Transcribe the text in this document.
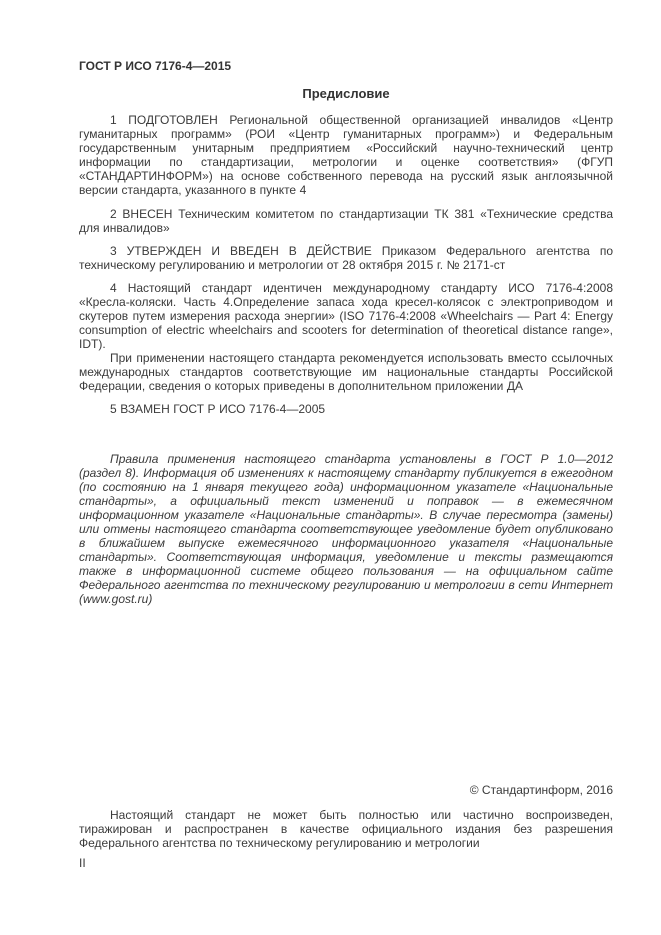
ГОСТ Р ИСО 7176-4—2015
Предисловие

1 ПОДГОТОВЛЕН Региональной общественной организацией инвалидов «Центр гуманитарных программ» (РОИ «Центр гуманитарных программ») и Федеральным государственным унитарным предприятием «Российский научно-технический центр информации по стандартизации, метрологии и оценке соответствия» (ФГУП «СТАНДАРТИНФОРМ») на основе собственного перевода на русский язык англоязычной версии стандарта, указанного в пункте 4

2 ВНЕСЕН Техническим комитетом по стандартизации ТК 381 «Технические средства для инвалидов»

3 УТВЕРЖДЕН И ВВЕДЕН В ДЕЙСТВИЕ Приказом Федерального агентства по техническому регулированию и метрологии от 28 октября 2015 г. № 2171-ст

4 Настоящий стандарт идентичен международному стандарту ИСО 7176-4:2008 «Кресла-коляски. Часть 4.Определение запаса хода кресел-колясок с электроприводом и скутеров путем измерения расхода энергии» (ISO 7176-4:2008 «Wheelchairs — Part 4: Energy consumption of electric wheelchairs and scooters for determination of theoretical distance range», IDT).

При применении настоящего стандарта рекомендуется использовать вместо ссылочных международных стандартов соответствующие им национальные стандарты Российской Федерации, сведения о которых приведены в дополнительном приложении ДА

5 ВЗАМЕН ГОСТ Р ИСО 7176-4—2005

Правила применения настоящего стандарта установлены в ГОСТ Р 1.0—2012 (раздел 8). Информация об изменениях к настоящему стандарту публикуется в ежегодном (по состоянию на 1 января текущего года) информационном указателе «Национальные стандарты», а официальный текст изменений и поправок — в ежемесячном информационном указателе «Национальные стандарты». В случае пересмотра (замены) или отмены настоящего стандарта соответствующее уведомление будет опубликовано в ближайшем выпуске ежемесячного информационного указателя «Национальные стандарты». Соответствующая информация, уведомление и тексты размещаются также в информационной системе общего пользования — на официальном сайте Федерального агентства по техническому регулированию и метрологии в сети Интернет (www.gost.ru)

© Стандартинформ, 2016

Настоящий стандарт не может быть полностью или частично воспроизведен, тиражирован и распространен в качестве официального издания без разрешения Федерального агентства по техническому регулированию и метрологии

II
